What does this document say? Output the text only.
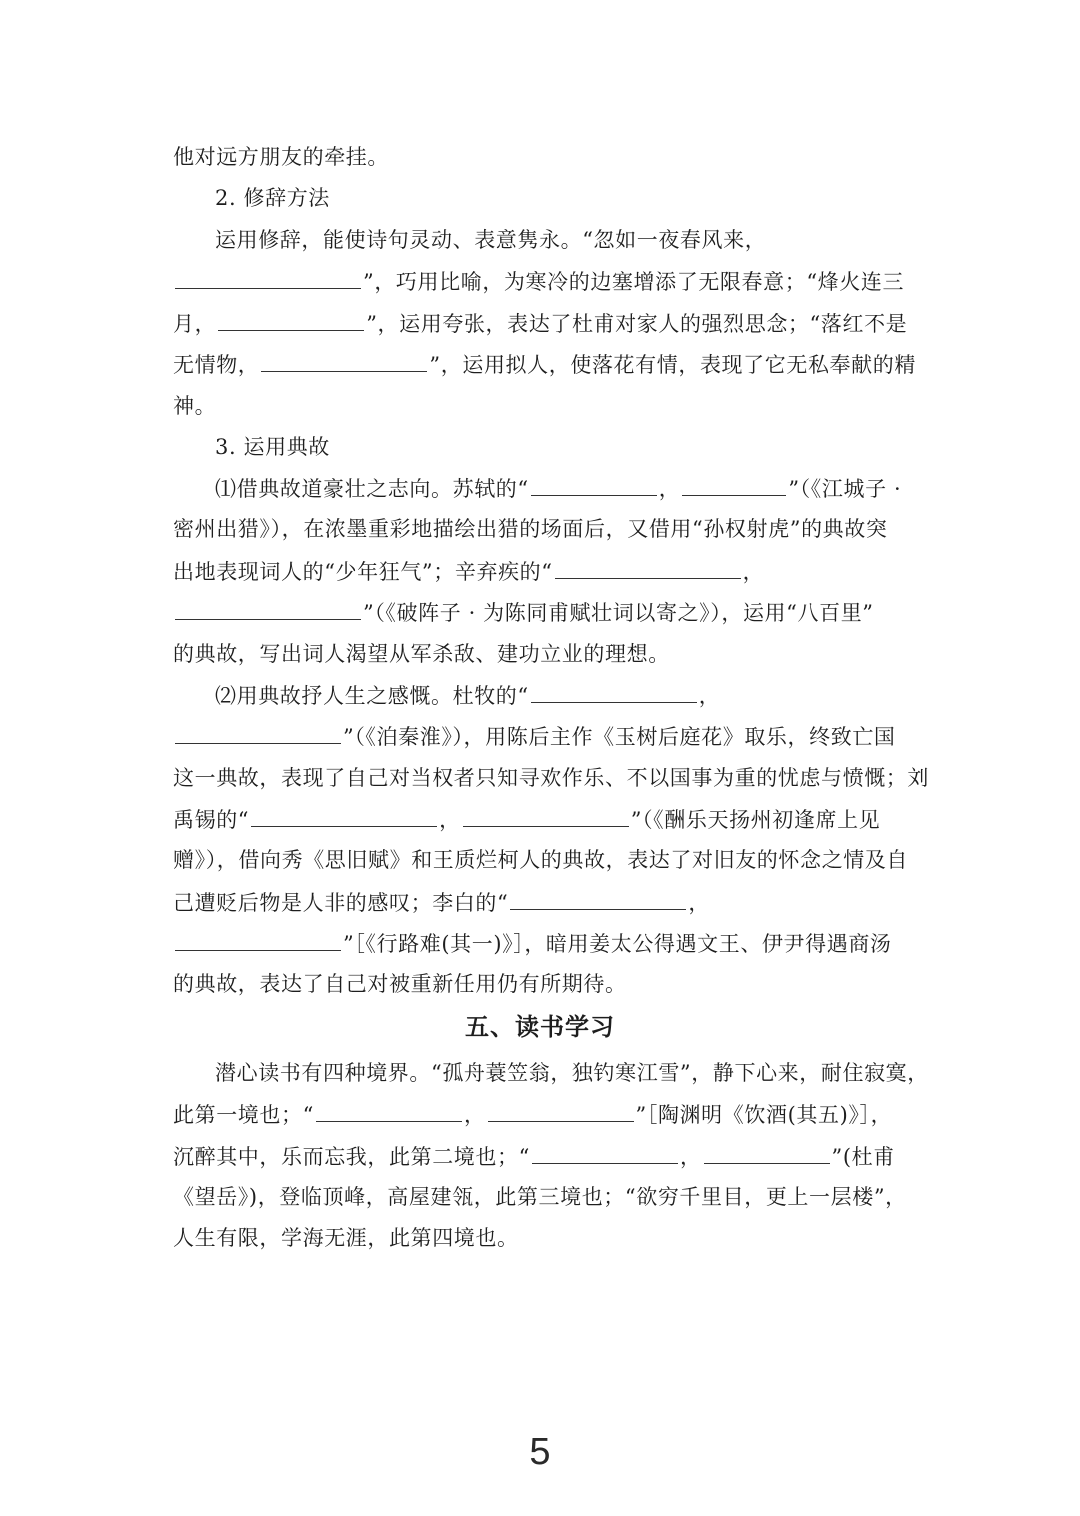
他对远方朋友的牵挂。
2. 修辞方法
运用修辞，能使诗句灵动、表意隽永。“忽如一夜春风来，
”，巧用比喻，为寒冷的边塞增添了无限春意；“烽火连三
月，	”，运用夸张，表达了杜甫对家人的强烈思念；“落红不是
无情物，	”，运用拟人，使落花有情，表现了它无私奉献的精
神。
3. 运用典故
⑴借典故道豪壮之志向。苏轼的“	，	”（《江城子 ·
密州出猎》），在浓墨重彩地描绘出猎的场面后，又借用“孙权射虎”的典故突
出地表现词人的“少年狂气”；辛弃疾的“	，
”（《破阵子 · 为陈同甫赋壮词以寄之》），运用“八百里”
的典故，写出词人渴望从军杀敌、建功立业的理想。
⑵用典故抒人生之感慨。杜牧的“	，
”（《泊秦淮》），用陈后主作《玉树后庭花》取乐，终致亡国
这一典故，表现了自己对当权者只知寻欢作乐、不以国事为重的忧虑与愤慨；刘
禹锡的“	，	”（《酬乐天扬州初逢席上见
赠》），借向秀《思旧赋》和王质烂柯人的典故，表达了对旧友的怀念之情及自
己遭贬后物是人非的感叹；李白的“	，
”［《行路难(其一)》］，暗用姜太公得遇文王、伊尹得遇商汤
的典故，表达了自己对被重新任用仍有所期待。
五、读书学习
潜心读书有四种境界。“孤舟蓑笠翁，独钓寒江雪”，静下心来，耐住寂寞，
此第一境也；“	，	”［陶渊明《饮酒(其五)》］，
沉醉其中，乐而忘我，此第二境也；“	，	”(杜甫
《望岳》)，登临顶峰，高屋建瓴，此第三境也；“欲穷千里目，更上一层楼”，
人生有限，学海无涯，此第四境也。
5
